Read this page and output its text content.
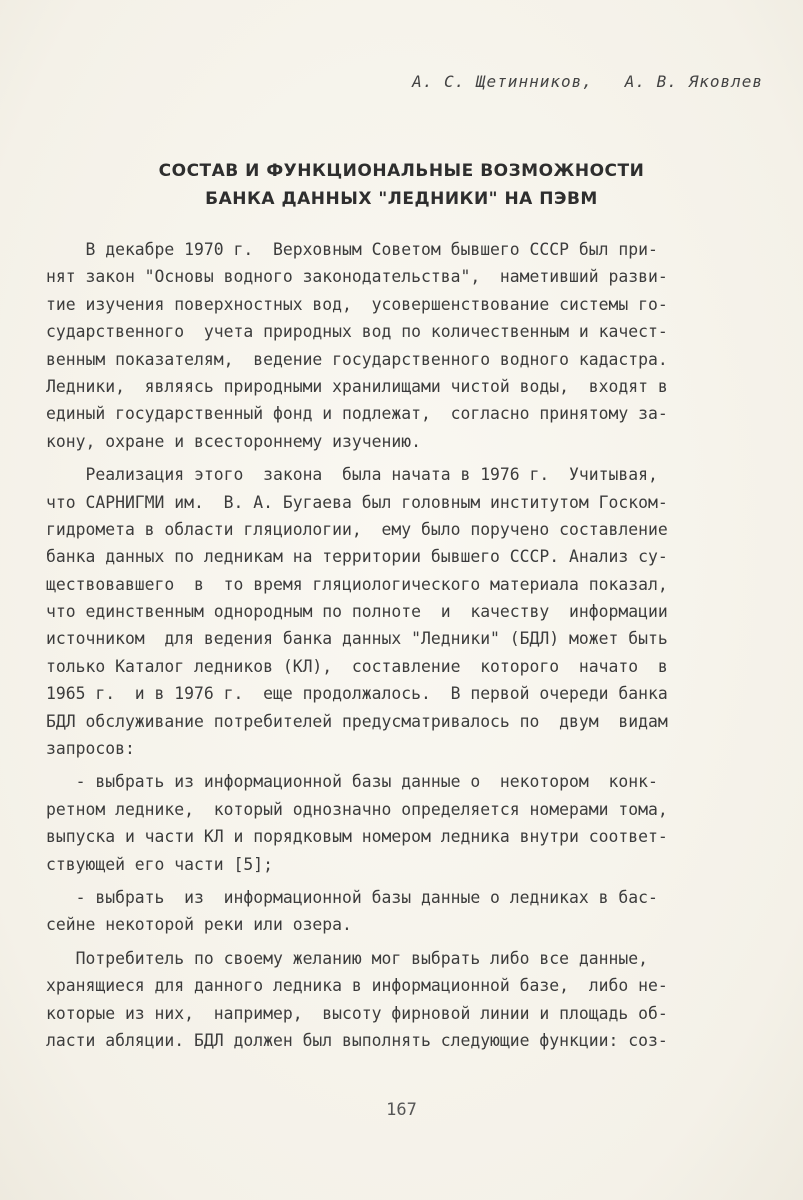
А. С. Щетинников,   А. В. Яковлев
СОСТАВ И ФУНКЦИОНАЛЬНЫЕ ВОЗМОЖНОСТИ
БАНКА ДАННЫХ "ЛЕДНИКИ" НА ПЭВМ
В декабре 1970 г.  Верховным Советом бывшего СССР был при-
нят закон "Основы водного законодательства",  наметивший разви-
тие изучения поверхностных вод,  усовершенствование системы го-
сударственного  учета природных вод по количественным и качест-
венным показателям,  ведение государственного водного кадастра.
Ледники,  являясь природными хранилищами чистой воды,  входят в
единый государственный фонд и подлежат,  согласно принятому за-
кону, охране и всестороннему изучению.
Реализация этого  закона  была начата в 1976 г.  Учитывая,
что САРНИГМИ им.  В. А. Бугаева был головным институтом Госком-
гидромета в области гляциологии,  ему было поручено составление
банка данных по ледникам на территории бывшего СССР. Анализ су-
ществовавшего  в  то время гляциологического материала показал,
что единственным однородным по полноте  и  качеству  информации
источником  для ведения банка данных "Ледники" (БДЛ) может быть
только Каталог ледников (КЛ),  составление  которого  начато  в
1965 г.  и в 1976 г.  еще продолжалось.  В первой очереди банка
БДЛ обслуживание потребителей предусматривалось по  двум  видам
запросов:
- выбрать из информационной базы данные о  некотором  конк-
ретном леднике,  который однозначно определяется номерами тома,
выпуска и части КЛ и порядковым номером ледника внутри соответ-
ствующей его части [5];
- выбрать  из  информационной базы данные о ледниках в бас-
сейне некоторой реки или озера.
Потребитель по своему желанию мог выбрать либо все данные,
хранящиеся для данного ледника в информационной базе,  либо не-
которые из них,  например,  высоту фирновой линии и площадь об-
ласти абляции. БДЛ должен был выполнять следующие функции: соз-
167
